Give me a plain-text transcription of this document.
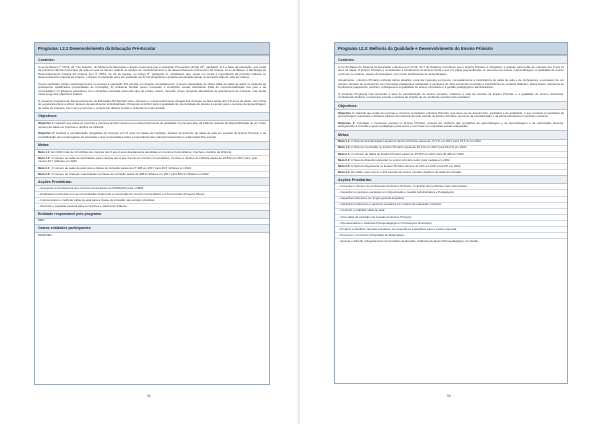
Programa: I.2.2 Desenvolvimento da Educação Pré-Escolar
Contexto:
A Lei de Bases nº 17/16, de 7 de Outubro, do Sistema de Educação e Ensino determina que a educação Pré-escolar (Artigo 23º, parágrafo 1) é a base da educação, que cuida da primeira infância numa fase da vida em que se devem realizar as acções de condicionamento e de desenvolvimento psicomotor da criança. A Lei de Bases, a Estratégia de Desenvolvimento Integral da Criança (Lei nº 25/12, de 22 de Agosto, no Artigo 6º, parágrafo 1), estabelece que, tendo em conta a importância da primeira infância no desenvolvimento integral da criança, o acesso à educação deve ser garantido de forma obrigatória e gratuita pelo Estado desde os primeiros dias de vida da criança.
Temos verificado várias constrangimentos no acesso à educação Pré-escolar em Angola nomeadamente: i) pouca capacidade de oferta (falta de salas de aula); ii) carência de professores qualificados (necessidade de formação); iii) ambiente familiar pouco motivador e condições sociais deficitárias (falta de consciencialização dos pais e da comunidade); iv) Espaços educativos com condições precárias para este tipo de ensino. Assim, deverão, forem surgindo alternativas de atendimento às crianças, mas ainda muito longe dos objectivos fixados.
O presente programa de Desenvolvimento da Educação Pré-Escolar visa o fomento e o desenvolvimento integral das crianças na faixa etária dos 0-5 anos de idade, num clima de segurança plena e eficaz, através de atendimento individualizado. Pretende contribuir para a igualdade de oportunidade de acesso à escola, para o sucesso da aprendizagem de todas as crianças, bem como promover e compensar défices sociais e culturais do meio familiar.
Objectivos:
Objectivo 1: Garantir que todas as meninas e meninos tenham acesso a um desenvolvimento de qualidade na primeira fase da infância, através da disponibilização de um maior número de salas em Creches e Jardins de Infância.
Objectivo 2: Garantir a escolarização obrigatória de crianças com 5 anos na classe de iniciação, através do aumento de salas de aula em escolas do Ensino Primário e da sensibilização dos encarregados de educação e das comunidades sobre a importância das crianças frequentarem a Educação Pré-escolar.
Metas:
Meta 1.1: Em 2022 mais de 13 milhões de crianças dos 0 aos 4 anos devidamente atendidas em Centros Comunitários, Creches e Jardins de Infância.
Meta 1.2: O número de salas de actividades para crianças dos 0 aos 4 anos em Centros Comunitários, Creches e Jardins de Infância passa de 19 833 em 2017 para, pelo menos 26,7 milhares em 2022.
Meta 2.1: O número de salas de aula para a classe de iniciação passa de 27 438 em 2017 para 40,5 milhares em 2022.
Meta 2.2: O número de crianças matriculadas na classe de iniciação passa de 668,8 milhares em 2017 para 803,3 milhares em 2022.
Acções Prioritárias:
– Assegurar a transferência dos Centros Comunitários do MASFAMU para o MED;
– Estabelecer parcerias com as comunidades locais para a construção de Centros Comunitários em 5 províncias (Projecto-Piloto);
– Intervencionar e melhorar salas de aula para a classe de iniciação nas escolas primárias;
– Recrutar e capacitar pessoal para os Creches e Jardins de Infância.
Entidade responsável pelo programa
MED
Outras entidades participantes
MASFAMU
94
Programa I.2.3: Melhoria da Qualidade e Desenvolvimento do Ensino Primário
Contexto:
A Lei de Bases do Sistema de Educação e Ensino (Lei 17/16, de 7 de Outubro) reconhece que o Ensino Primário é obrigatório e gratuito para todas as crianças dos 6 aos 11 anos de idade. O Ensino Primário é considerado o fundamento do Ensino Geral e tem um papel preponderante no processo de ensino e aprendizagem. A qualidade do ensino continua, no entanto, aquém do desejável, com níveis insuficientes de aprendizagem.
Actualmente, o Ensino Primário enfrenta vários desafios, para dar resposta à procura, nomeadamente a insuficiência de salas de aula e de professores, a escassez de um número elevado de professores sem formação pedagógica adequada, a escassez de infra-estruturas precárias e insuficiência de material didáctico. Estes fazem referência ao insuficiente pagamento, também, enfraquecem a qualidade do ensino ministrado e a gestão pedagógica e administrativa.
O presente Programa visa aumentar a taxa de escolarização do ensino primário, melhorar a rede de escolas de Ensino Primário e a qualidade do ensino ministrado, combatendo também o insucesso escolar e através de criação de um ambiente escolar mais equitativo.
Objectivos:
Objectivo 1: Garantir que todas as meninas e meninos completem o Ensino Primário, que deve ser de acesso livre, equitativo e de qualidade, e que conduza a resultados de aprendizagem relevantes e eficazes através da melhoria da rede escolar do Ensino Primário, aumento da escolarização e da oferta educativa em território nacional.
Objectivo 2: Combater o insucesso escolar no Ensino Primário, através da melhoria das condições de aprendizagem e de aprendizagem e da valorização docente, assegurando a inclusão e apoio pedagógico para todos e com base em respostas sociais adequadas.
Metas:
Meta 1.1: A Taxa de Escolarização Líquida do Ensino Primário passa de 74,3 % em 2017 para 76,6 % em 2022.
Meta 1.2: A Taxa de Conclusão no Ensino Primário passa de 56,3 % em 2017 para 60,3 % em 2022.
Meta 2.1: O número de Salas do Ensino Primário passa de 35 663 em 2017 para 40 466 em 2022.
Meta 2.2: A Taxa de Abandono Escolar no ensino primário reduz para metade em 2022.
Meta 2.3: A Taxa de Repetência no Ensino Primário diminui de 11% em 2017 para 5% em 2022.
Meta 2.4: Em 2022, pelo menos 1,316 escolas do ensino primário dispõem de salas de inclusão.
Acções Prioritárias:
– Aumentar o número de professores do Ensino Primário, no âmbito dos territórios mais carenciados;
– Capacitar os gestores escolares em Organização e Gestão Administrativa e Pedagógica;
– Capacitar intérpretes em língua gestual angolana;
– Capacitar professores e gestores escolares em matéria de educação inclusiva;
– Construir e reabilitar salas de aula;
– Criar salas de inclusão nas escolas do Ensino Primário;
– Operacionalizar o Gabinete Psicopedagógico e Professores Itinerantes;
– Produzir e distribuir manuais escolares, em especial os específicos para o ensino especial;
– Promover o Concurso Olimpíadas de Matemática;
– Aprovar e difundir o Regulamento do Conselho de Escolas, Gabinete de Apoio Psicopedagógico, Comissão
95
